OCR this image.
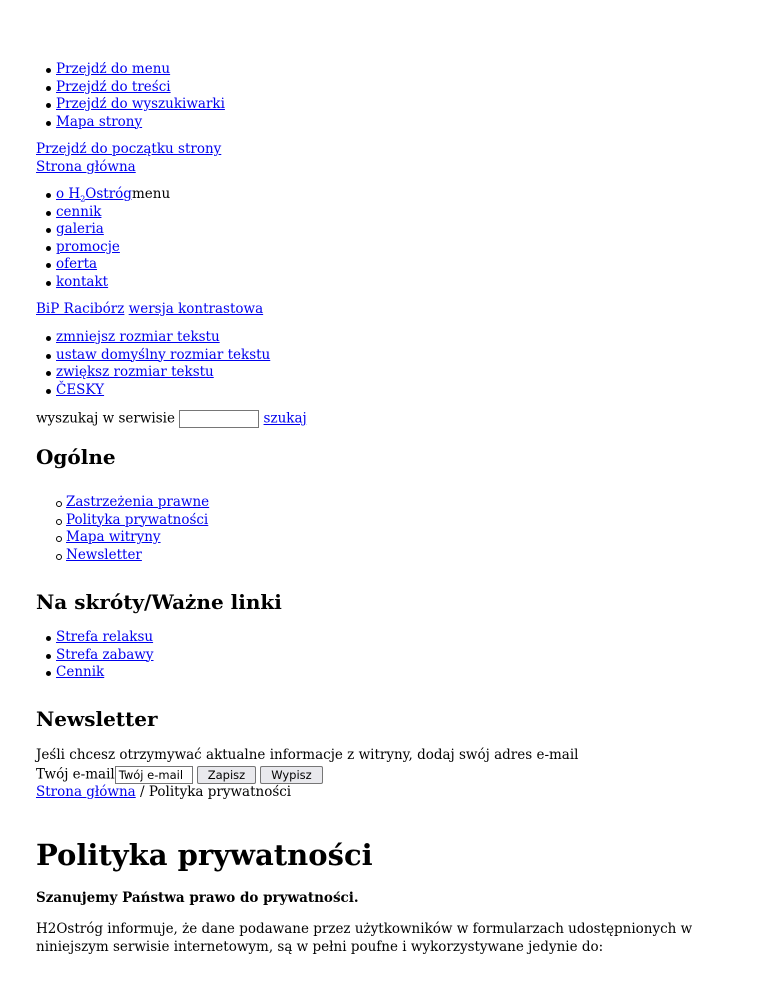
Przejdź do menu
Przejdź do treści
Przejdź do wyszukiwarki
Mapa strony
Przejdź do początku strony
Strona główna
o $H_2Ostrógmenu$
cennik
galeria
promocje
oferta
kontakt
BiP Racibórz wersja kontrastowa
zmniejsz rozmiar tekstu
ustaw domyślny rozmiar tekstu
zwiększ rozmiar tekstu
ČESKY
wyszukaj w serwisie	szukaj
Ogólne
Zastrzeżenia prawne
Polityka prywatności
Mapa witryny
Newsletter
Na skróty/Ważne linki
Strefa relaksu
Strefa zabawy
Cennik
Newsletter
Jeśli chcesz otrzymywać aktualne informacje z witryny, dodaj swój adres e-mail
Twój e-mail Twój e-mail Zapisz Wypisz
Strona główna / Polityka prywatności
Polityka prywatności

Szanujemy Państwa prawo do prywatności.

H2Ostróg informuje, że dane podawane przez użytkowników w formularzach udostępnionych w niniejszym serwisie internetowym, są w pełni poufne i wykorzystywane jedynie do:
